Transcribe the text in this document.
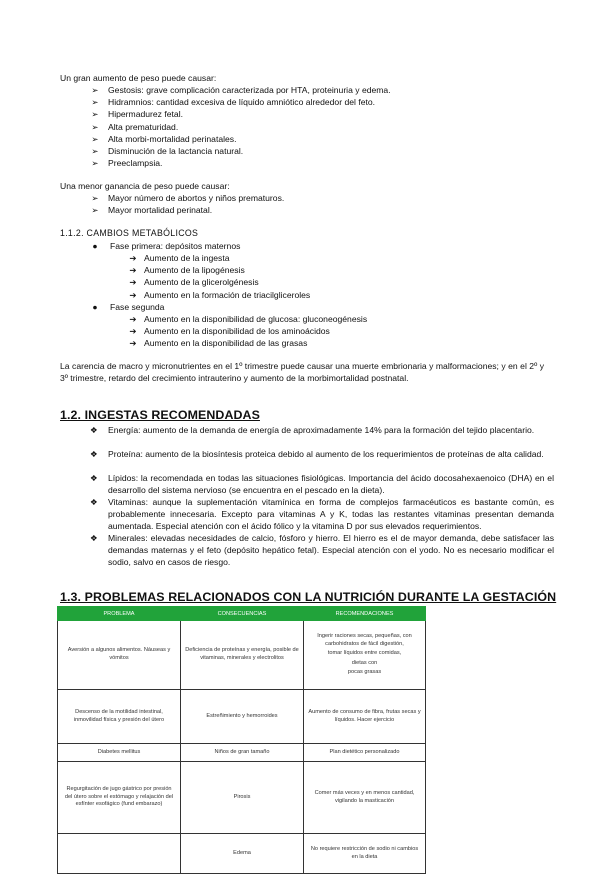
Un gran aumento de peso puede causar:
➢	Gestosis: grave complicación caracterizada por HTA, proteinuria y edema.
➢	Hidramnios: cantidad excesiva de líquido amniótico alrededor del feto.
➢	Hipermadurez fetal.
➢	Alta prematuridad.
➢	Alta morbi-mortalidad perinatales.
➢	Disminución de la lactancia natural.
➢	Preeclampsia.
Una menor ganancia de peso puede causar:
➢	Mayor número de abortos y niños prematuros.
➢	Mayor mortalidad perinatal.
1.1.2. CAMBIOS METABÓLICOS
●	Fase primera: depósitos maternos
➔ Aumento de la ingesta
➔ Aumento de la lipogénesis
➔ Aumento de la glicerolgénesis
➔ Aumento en la formación de triacilgliceroles
●	Fase segunda
➔ Aumento en la disponibilidad de glucosa: gluconeogénesis
➔ Aumento en la disponibilidad de los aminoácidos
➔ Aumento en la disponibilidad de las grasas
La carencia de macro y micronutrientes en el 1º trimestre puede causar una muerte embrionaria y malformaciones; y en el 2º y 3º trimestre, retardo del crecimiento intrauterino y aumento de la morbimortalidad postnatal.
1.2. INGESTAS RECOMENDADAS
❖ Energía: aumento de la demanda de energía de aproximadamente 14% para la formación del tejido placentario.
❖ Proteína: aumento de la biosíntesis proteica debido al aumento de los requerimientos de proteínas de alta calidad.
❖ Lípidos: la recomendada en todas las situaciones fisiológicas. Importancia del ácido docosahexaenoico (DHA) en el desarrollo del sistema nervioso (se encuentra en el pescado en la dieta).
❖ Vitaminas: aunque la suplementación vitamínica en forma de complejos farmacéuticos es bastante común, es probablemente innecesaria. Excepto para vitaminas A y K, todas las restantes vitaminas presentan demanda aumentada. Especial atención con el ácido fólico y la vitamina D por sus elevados requerimientos.
❖ Minerales: elevadas necesidades de calcio, fósforo y hierro. El hierro es el de mayor demanda, debe satisfacer las demandas maternas y el feto (depósito hepático fetal). Especial atención con el yodo. No es necesario modificar el sodio, salvo en casos de riesgo.
1.3. PROBLEMAS RELACIONADOS CON LA NUTRICIÓN DURANTE LA GESTACIÓN
PROBLEMA	CONSECUENCIAS	RECOMENDACIONES
Aversión a algunos alimentos. Náuseas y vómitos	Deficiencia de proteínas y energía, posible de vitaminas, minerales y electrolitos	Ingerir raciones secas, pequeñas, con carbohidratos de fácil digestión,
tomar líquidos entre comidas,
dietas con
pocas grasas

Descenso de la motilidad intestinal, inmovilidad física y presión del útero	Estreñimiento y hemorroides	Aumento de consumo de fibra, frutas secas y líquidos. Hacer ejercicio
Diabetes mellitus	Niños de gran tamaño	Plan dietético personalizado
Regurgitación de jugo gástrico por presión del útero sobre el estómago y relajación del esfínter esofágico (fund embarazo)	Pirosis	Comer más veces y en menos cantidad, vigilando la masticación
	Edema	No requiere restricción de sodio ni cambios en la dieta
